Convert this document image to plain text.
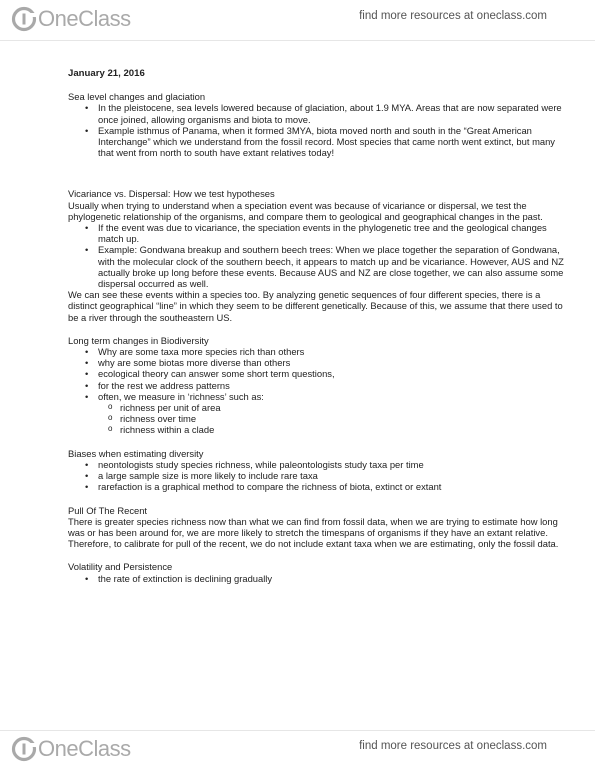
OneClass	find more resources at oneclass.com
January 21, 2016

Sea level changes and glaciation

• In the pleistocene, sea levels lowered because of glaciation, about 1.9 MYA. Areas that are now separated were once joined, allowing organisms and biota to move.
• Example isthmus of Panama, when it formed 3MYA, biota moved north and south in the “Great American Interchange” which we understand from the fossil record. Most species that came north went extinct, but many that went from north to south have extant relatives today!

Vicariance vs. Dispersal: How we test hypotheses

Usually when trying to understand when a speciation event was because of vicariance or dispersal, we test the phylogenetic relationship of the organisms, and compare them to geological and geographical changes in the past.

• If the event was due to vicariance, the speciation events in the phylogenetic tree and the geological changes match up.
• Example: Gondwana breakup and southern beech trees: When we place together the separation of Gondwana, with the molecular clock of the southern beech, it appears to match up and be vicariance. However, AUS and NZ actually broke up long before these events. Because AUS and NZ are close together, we can also assume some dispersal occurred as well.

We can see these events within a species too. By analyzing genetic sequences of four different species, there is a distinct geographical “line” in which they seem to be different genetically. Because of this, we assume that there used to be a river through the southeastern US.

Long term changes in Biodiversity

• Why are some taxa more species rich than others
• why are some biotas more diverse than others
• ecological theory can answer some short term questions,
• for the rest we address patterns
• often, we measure in ‘richness’ such as:
o richness per unit of area
o richness over time
o richness within a clade

Biases when estimating diversity

• neontologists study species richness, while paleontologists study taxa per time
• a large sample size is more likely to include rare taxa
• rarefaction is a graphical method to compare the richness of biota, extinct or extant

Pull Of The Recent

There is greater species richness now than what we can find from fossil data, when we are trying to estimate how long was or has been around for, we are more likely to stretch the timespans of organisms if they have an extant relative. Therefore, to calibrate for pull of the recent, we do not include extant taxa when we are estimating, only the fossil data.

Volatility and Persistence

• the rate of extinction is declining gradually
OneClass	find more resources at oneclass.com
